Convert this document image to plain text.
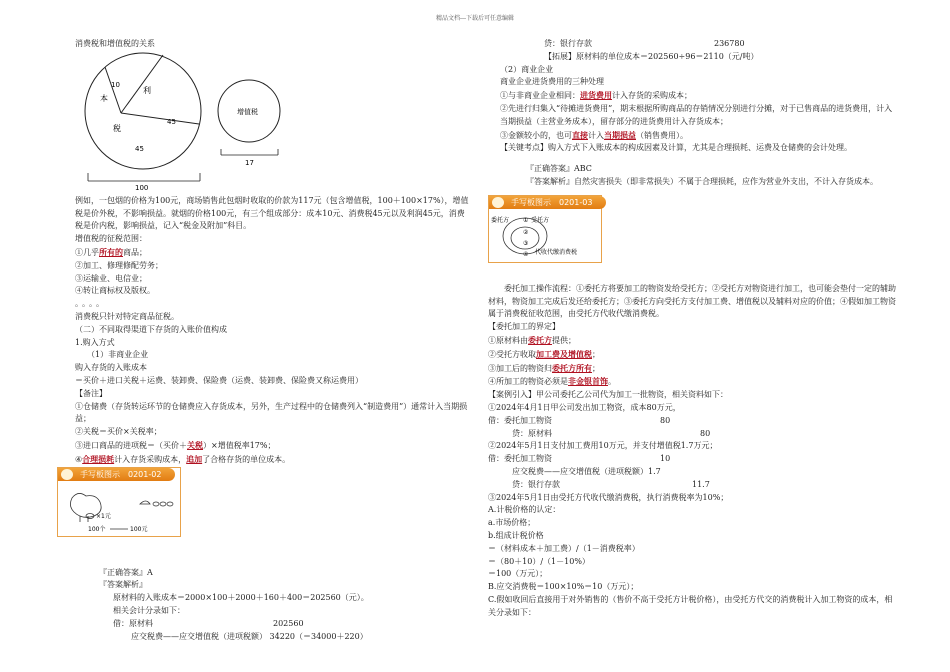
精品文档---下载后可任意编辑
消费税和增值税的关系
本
10
利
税
45
45
100
增值税
17
例如，一包烟的价格为100元，商场销售此包烟时收取的价款为117元（包含增值税，100＋100×17%），增值税是价外税，不影响损益。就烟的价格100元，有三个组成部分：成本10元、消费税45元以及利润45元，消费税是价内税，影响损益，记入“税金及附加”科目。
增值税的征税范围：
①几乎所有的商品；
②加工、修理修配劳务；
③运输业、电信业；
④转让商标权及版权。
。。。。
消费税只针对特定商品征税。
（二）不同取得渠道下存货的入账价值构成
1.购入方式
（1）非商业企业
购入存货的入账成本
＝买价＋进口关税＋运费、装卸费、保险费（运费、装卸费、保险费又称运费用）
【备注】
①仓储费（存货转运环节的仓储费应入存货成本，另外，生产过程中的仓储费列入“制造费用”）通常计入当期损益；
②关税＝买价×关税率；
③进口商品的进项税＝（买价＋关税）×增值税率17%；
④合理损耗计入存货采购成本，追加了合格存货的单位成本。
手写板图示　0201-02
×1元
100个	100元
『正确答案』A
『答案解析』
原材料的入账成本＝2000×100＋2000＋160＋400＝202560（元）。
相关会计分录如下：
借：原材料	202560
应交税费——应交增值税（进项税额） 34220（＝34000＋220）
贷：银行存款	236780
【拓展】原材料的单位成本＝202560÷96＝2110（元/吨）
（2）商业企业
商业企业进货费用的三种处理
①与非商业企业相同：进货费用计入存货的采购成本；
②先进行归集入“待摊进货费用”，期末根据所购商品的存销情况分别进行分摊，对于已售商品的进货费用，计入当期损益（主营业务成本），留存部分的进货费用计入存货成本；
③金额较小的，也可直接计入当期损益（销售费用）。
【关键考点】购入方式下入账成本的构成因素及计算，尤其是合理损耗、运费及仓储费的会计处理。
『正确答案』ABC
『答案解析』自然灾害损失（即非常损失）不属于合理损耗，应作为营业外支出，不计入存货成本。
手写板图示　0201-03
委托方	受托方
①
②
③
④ 代收代缴消费税
委托加工操作流程：①委托方将要加工的物资发给受托方；②受托方对物资进行加工，也可能会垫付一定的辅助材料，物资加工完成后发还给委托方；③委托方向受托方支付加工费、增值税以及辅料对应的价值；④假如加工物资属于消费税征收范围，由受托方代收代缴消费税。
【委托加工的界定】
①原材料由委托方提供；
②受托方收取加工费及增值税；
③加工后的物资归委托方所有；
④所加工的物资必须是非金银首饰。
【案例引入】甲公司委托乙公司代为加工一批物资，相关资料如下：
①2024年4月1日甲公司发出加工物资，成本80万元，
借：委托加工物资	80
贷：原材料	80
②2024年5月1日支付加工费用10万元，并支付增值税1.7万元；
借：委托加工物资	10
应交税费——应交增值税（进项税额）1.7
贷：银行存款	11.7
③2024年5月1日由受托方代收代缴消费税，执行消费税率为10%；
A.计税价格的认定：
a.市场价格；
b.组成计税价格
＝（材料成本＋加工费）/（1－消费税率）
＝（80＋10）/（1－10%）
＝100（万元）；
B.应交消费税＝100×10%＝10（万元）；
C.假如收回后直接用于对外销售的（售价不高于受托方计税价格），由受托方代交的消费税计入加工物资的成本，相关分录如下：
